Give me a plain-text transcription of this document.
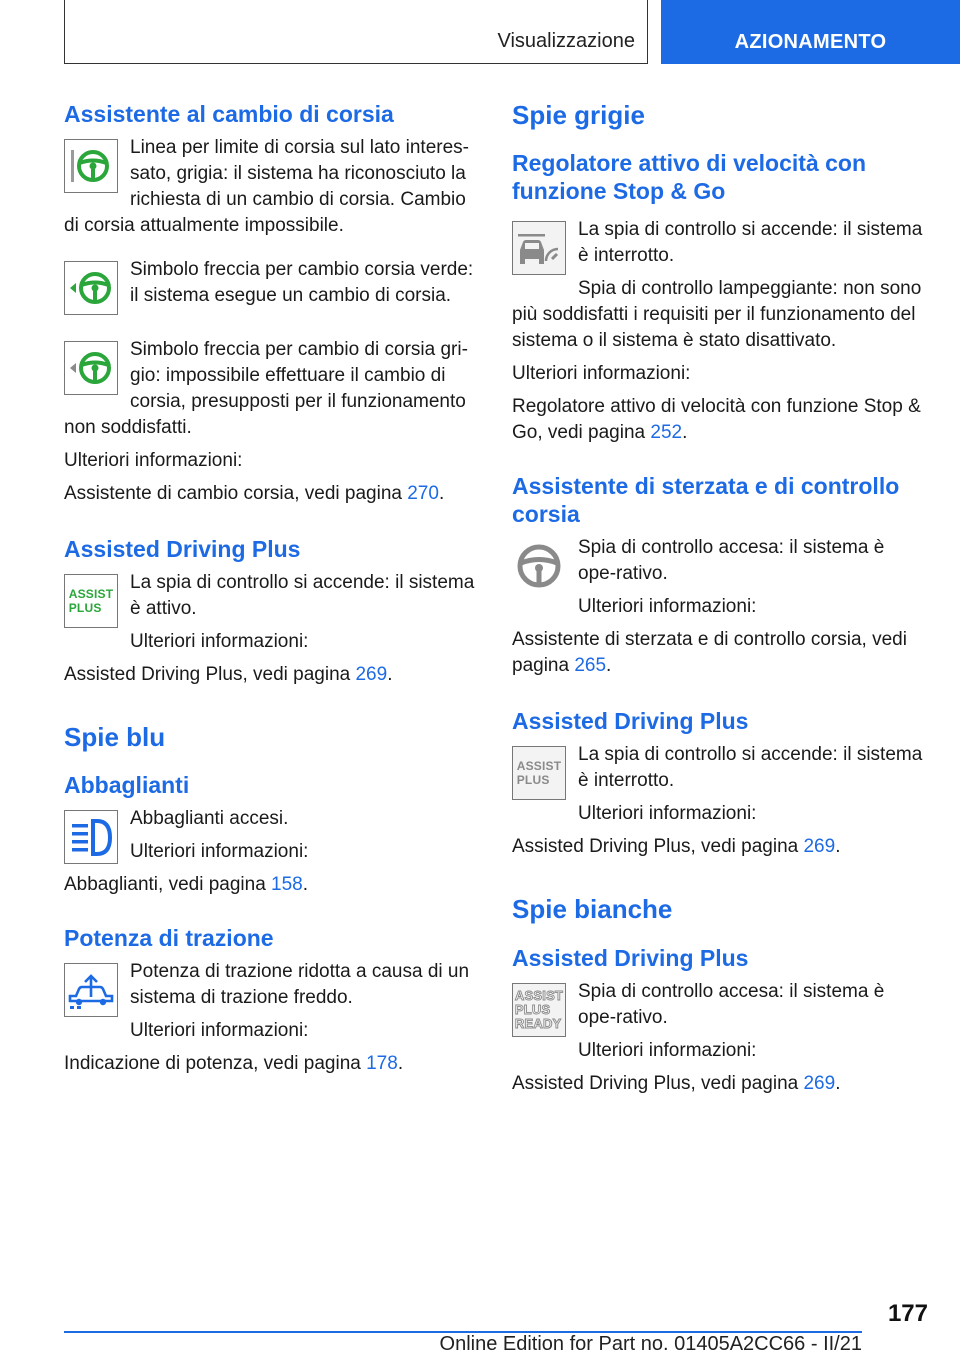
Visualizzazione	AZIONAMENTO
Assistente al cambio di corsia

Linea per limite di corsia sul lato interes-sato, grigia: il sistema ha riconosciuto la richiesta di un cambio di corsia. Cambio di corsia attualmente impossibile.

Simbolo freccia per cambio corsia verde: il sistema esegue un cambio di corsia.

Simbolo freccia per cambio di corsia gri-gio: impossibile effettuare il cambio di corsia, presupposti per il funzionamento non soddisfatti.

Ulteriori informazioni:

Assistente di cambio corsia, vedi pagina 270.

Assisted Driving Plus
ASSIST
PLUS

La spia di controllo si accende: il sistema è attivo.

Ulteriori informazioni:

Assisted Driving Plus, vedi pagina 269.

Spie blu
Abbaglianti

Abbaglianti accesi.

Ulteriori informazioni:

Abbaglianti, vedi pagina 158.

Potenza di trazione

Potenza di trazione ridotta a causa di un sistema di trazione freddo.

Ulteriori informazioni:

Indicazione di potenza, vedi pagina 178.

Spie grigie
Regolatore attivo di velocità con funzione Stop & Go

La spia di controllo si accende: il sistema è interrotto.

Spia di controllo lampeggiante: non sono più soddisfatti i requisiti per il funzionamento del sistema o il sistema è stato disattivato.

Ulteriori informazioni:

Regolatore attivo di velocità con funzione Stop & Go, vedi pagina 252.

Assistente di sterzata e di controllo corsia

Spia di controllo accesa: il sistema è ope-rativo.

Ulteriori informazioni:

Assistente di sterzata e di controllo corsia, vedi pagina 265.

Assisted Driving Plus
ASSIST
PLUS

La spia di controllo si accende: il sistema è interrotto.

Ulteriori informazioni:

Assisted Driving Plus, vedi pagina 269.

Spie bianche
Assisted Driving Plus
ASSIST
PLUS
READY

Spia di controllo accesa: il sistema è ope-rativo.

Ulteriori informazioni:

Assisted Driving Plus, vedi pagina 269.

177
Online Edition for Part no. 01405A2CC66 - II/21
